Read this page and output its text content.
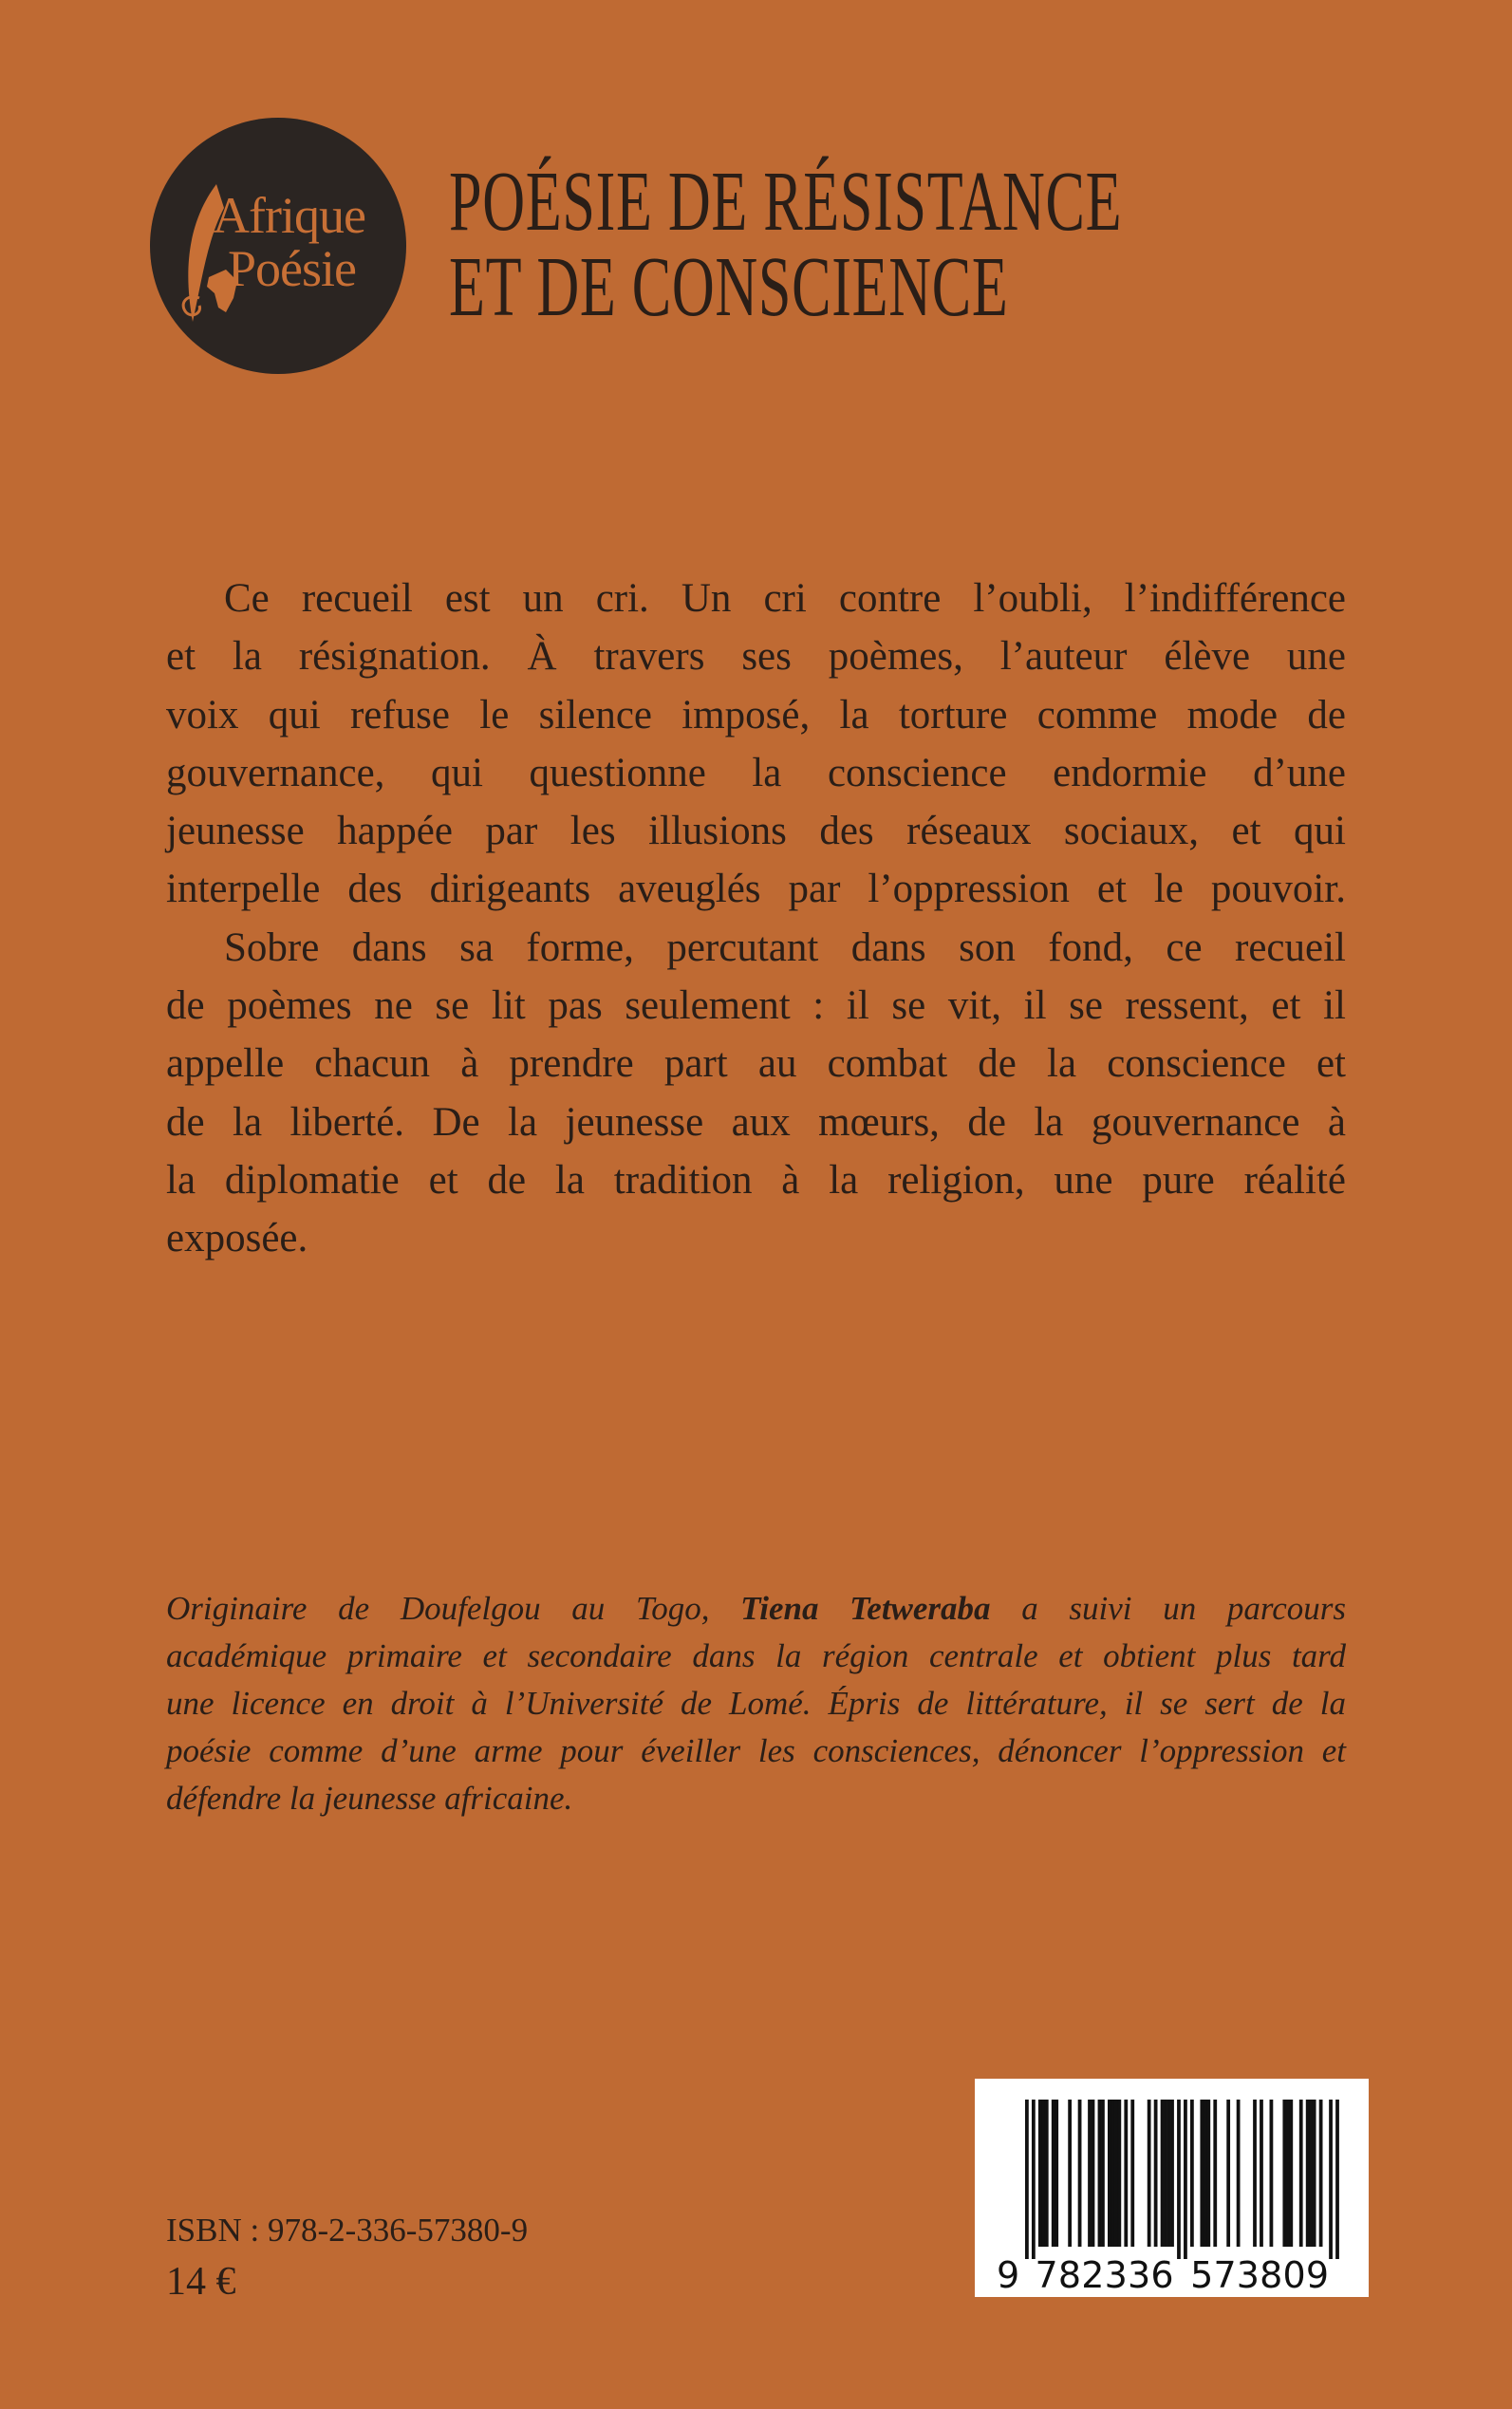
Afrique
Poésie
POÉSIE DE RÉSISTANCE
ET DE CONSCIENCE
Ce recueil est un cri. Un cri contre l’oubli, l’indifférence
et la résignation. À travers ses poèmes, l’auteur élève une
voix qui refuse le silence imposé, la torture comme mode de
gouvernance, qui questionne la conscience endormie d’une
jeunesse happée par les illusions des réseaux sociaux, et qui
interpelle des dirigeants aveuglés par l’oppression et le pouvoir.
Sobre dans sa forme, percutant dans son fond, ce recueil
de poèmes ne se lit pas seulement : il se vit, il se ressent, et il
appelle chacun à prendre part au combat de la conscience et
de la liberté. De la jeunesse aux mœurs, de la gouvernance à
la diplomatie et de la tradition à la religion, une pure réalité
exposée.
Originaire de Doufelgou au Togo, Tiena Tetweraba a suivi un parcours
académique primaire et secondaire dans la région centrale et obtient plus tard
une licence en droit à l’Université de Lomé. Épris de littérature, il se sert de la
poésie comme d’une arme pour éveiller les consciences, dénoncer l’oppression et
défendre la jeunesse africaine.
ISBN : 978-2-336-57380-9
14 €	9 7 8 2 3 3 6 5 7 3 8 0 9
